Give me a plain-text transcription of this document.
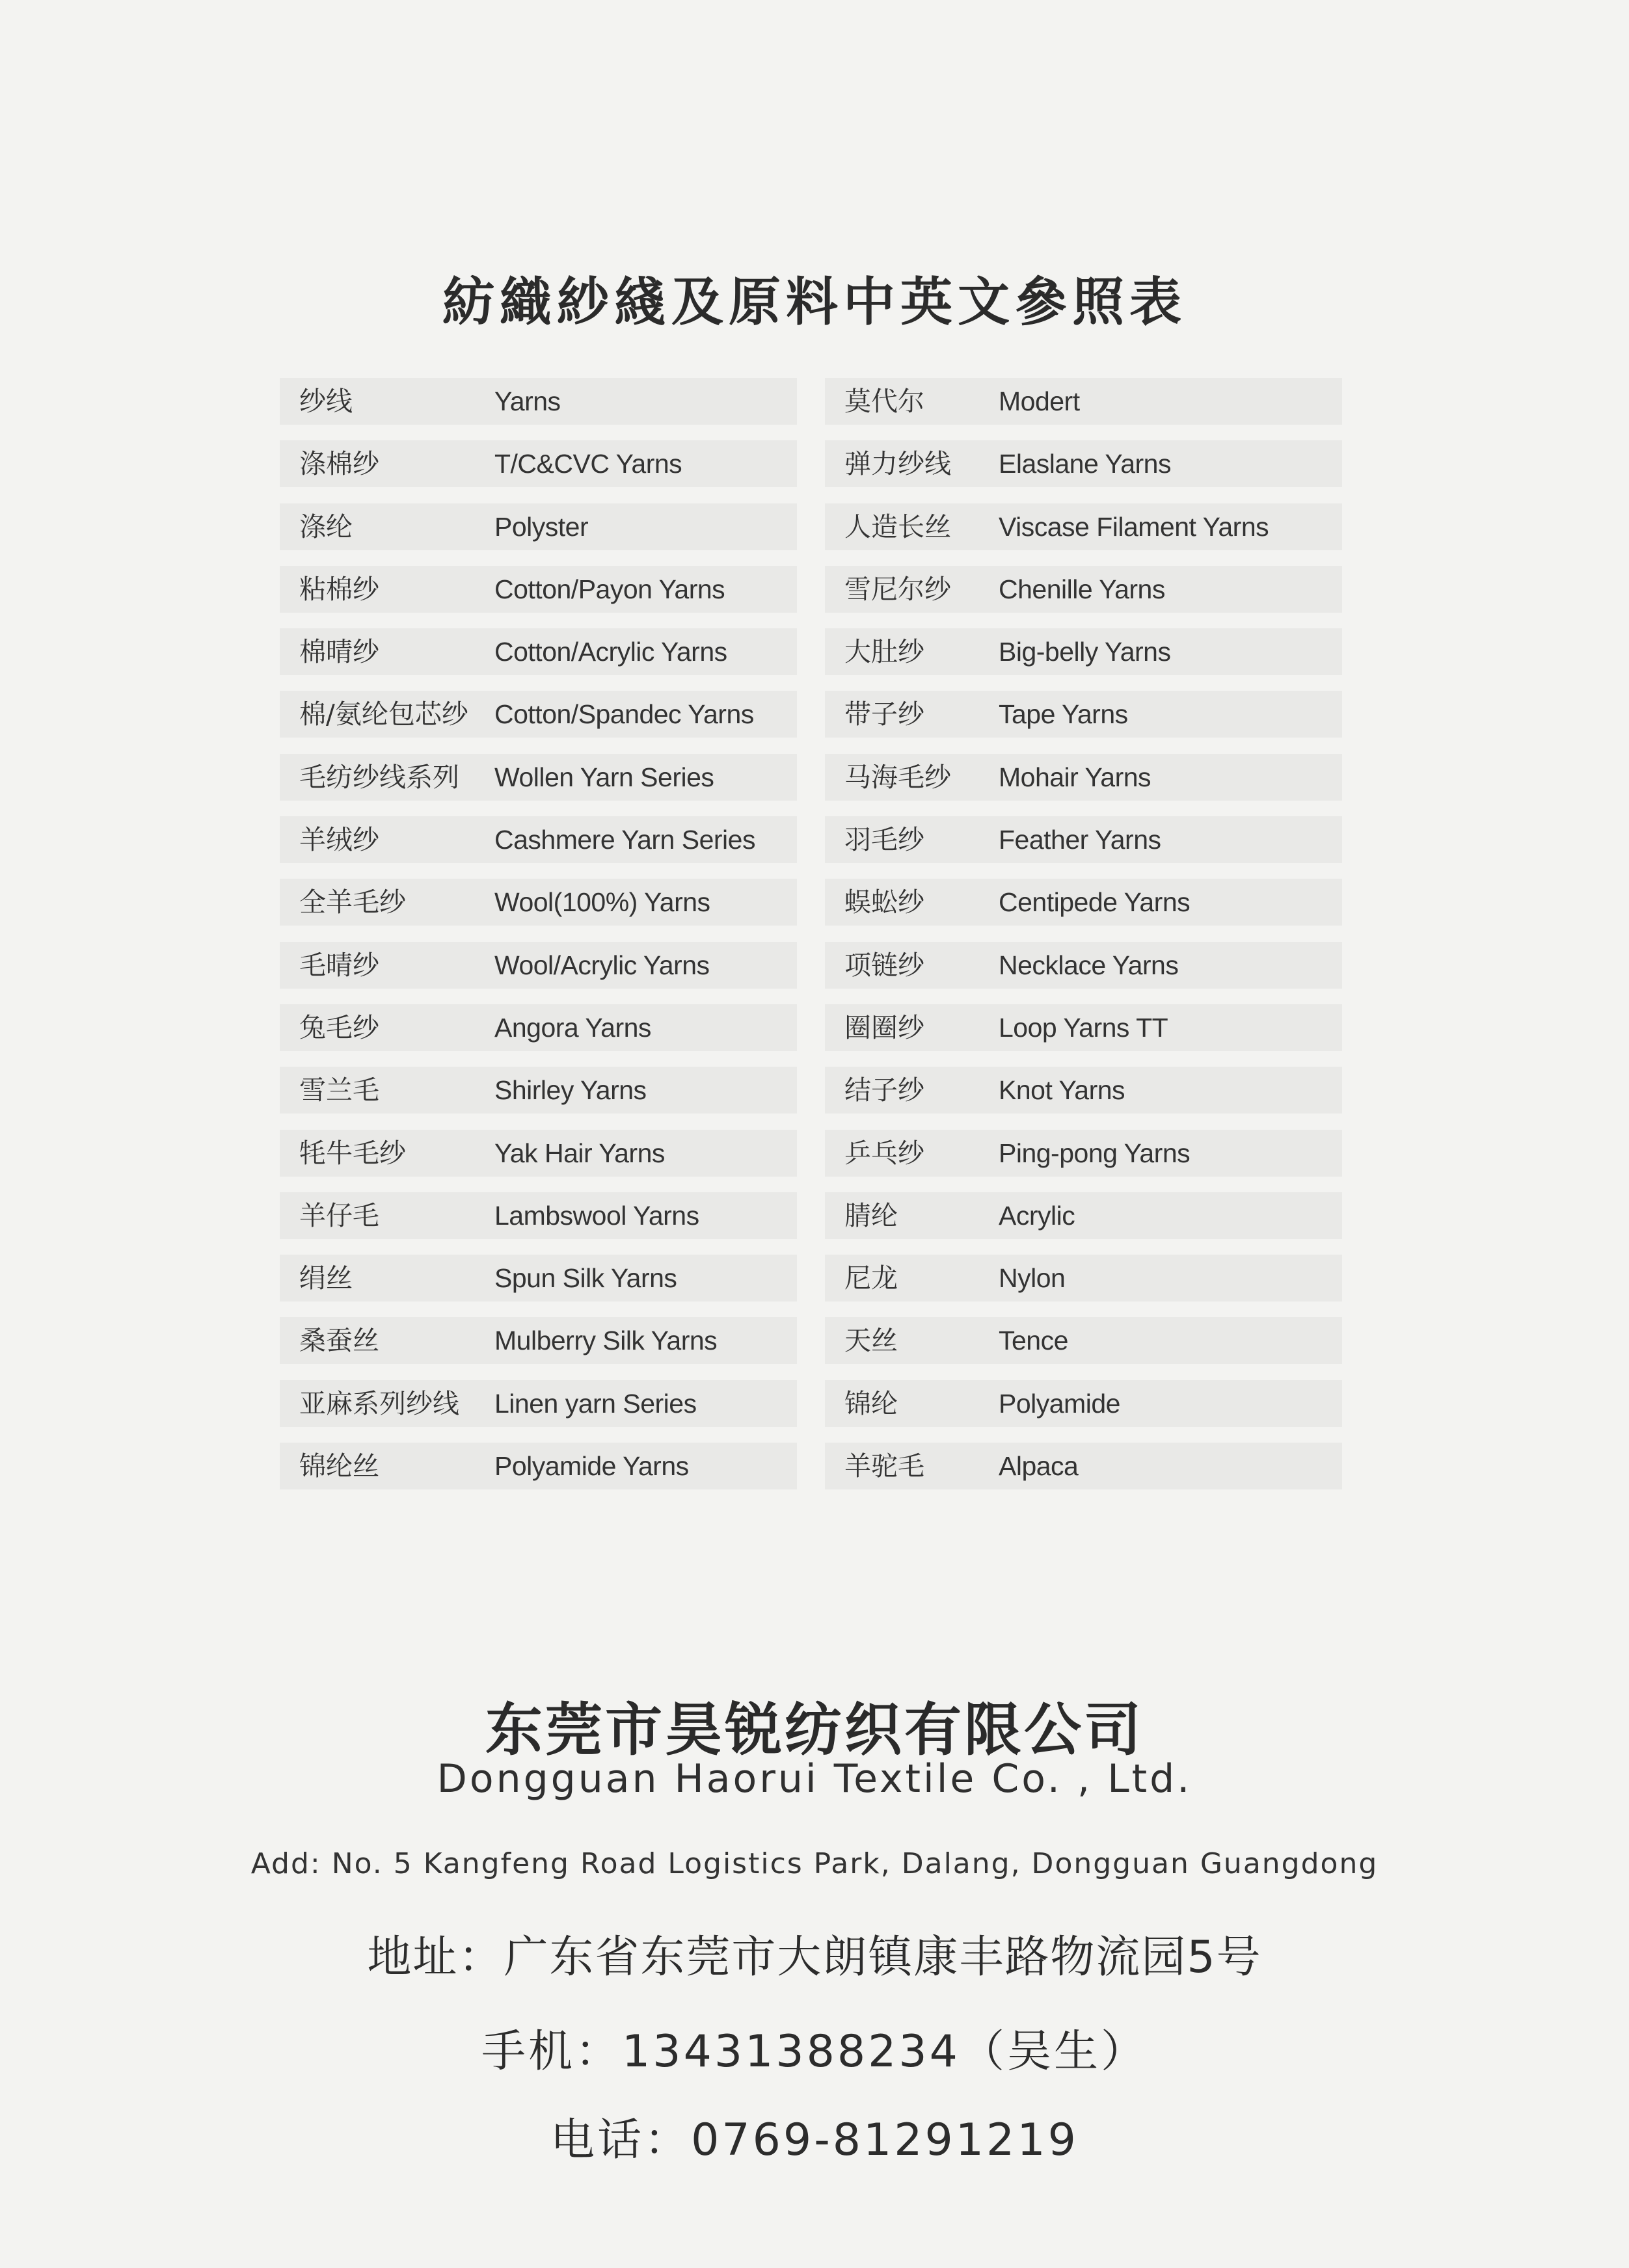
紡織紗綫及原料中英文參照表
纱线	Yarns
涤棉纱	T/C&CVC Yarns
涤纶	Polyster
粘棉纱	Cotton/Payon Yarns
棉晴纱	Cotton/Acrylic Yarns
棉/氨纶包芯纱 Cotton/Spandec Yarns
毛纺纱线系列 Wollen Yarn Series
羊绒纱	Cashmere Yarn Series
全羊毛纱	Wool(100%) Yarns
毛晴纱	Wool/Acrylic Yarns
兔毛纱	Angora Yarns
雪兰毛	Shirley Yarns
牦牛毛纱	Yak Hair Yarns
羊仔毛	Lambswool Yarns
绢丝	Spun Silk Yarns
桑蚕丝	Mulberry Silk Yarns
亚麻系列纱线 Linen yarn Series
锦纶丝	Polyamide Yarns
莫代尔	Modert
弹力纱线 Elaslane Yarns
人造长丝 Viscase Filament Yarns
雪尼尔纱 Chenille Yarns
大肚纱	Big-belly Yarns
带子纱	Tape Yarns
马海毛纱 Mohair Yarns
羽毛纱	Feather Yarns
蜈蚣纱	Centipede Yarns
项链纱	Necklace Yarns
圈圈纱	Loop Yarns TT
结子纱	Knot Yarns
乒乓纱	Ping-pong Yarns
腈纶	Acrylic
尼龙	Nylon
天丝	Tence
锦纶	Polyamide
羊驼毛	Alpaca
东莞市昊锐纺织有限公司
Dongguan Haorui Textile Co. , Ltd.
Add: No. 5 Kangfeng Road Logistics Park, Dalang, Dongguan Guangdong
地址：广东省东莞市大朗镇康丰路物流园5号
手机：13431388234（吴生）
电话：0769-81291219
